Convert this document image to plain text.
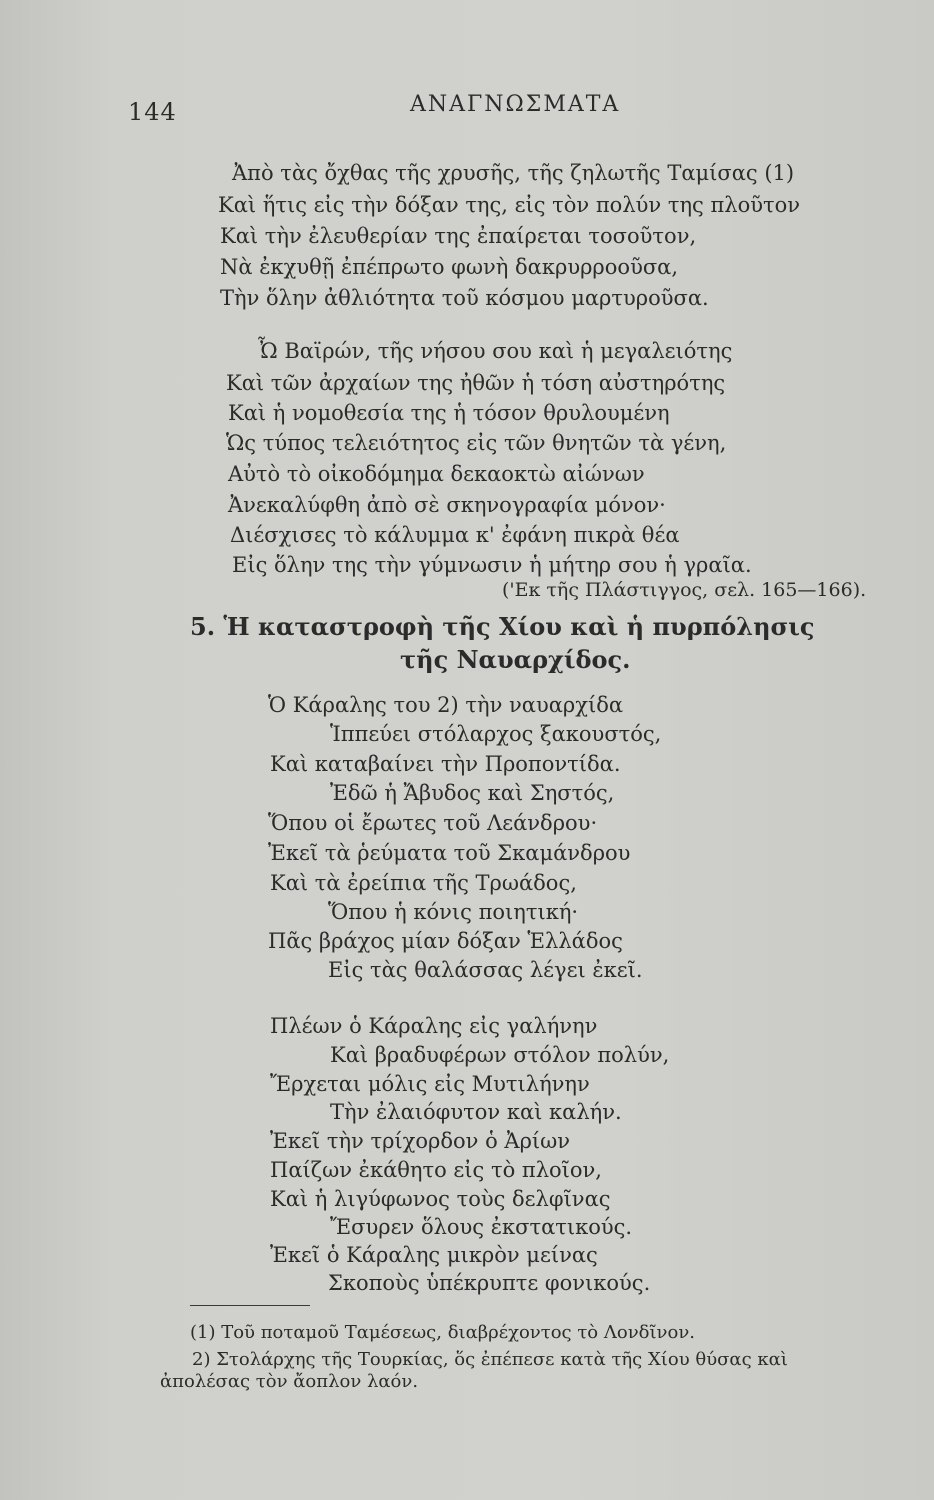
144	ΑΝΑΓΝΩΣΜΑΤΑ
Ἀπὸ τὰς ὄχθας τῆς χρυσῆς, τῆς ζηλωτῆς Ταμίσας (1)
Καὶ ἥτις εἰς τὴν δόξαν της, εἰς τὸν πολύν της πλοῦτον
Καὶ τὴν ἐλευθερίαν της ἐπαίρεται τοσοῦτον,
Νὰ ἐκχυθῇ ἐπέπρωτο φωνὴ δακρυρροοῦσα,
Τὴν ὅλην ἀθλιότητα τοῦ κόσμου μαρτυροῦσα.
Ὦ Βαϊρών, τῆς νήσου σου καὶ ἡ μεγαλειότης
Καὶ τῶν ἀρχαίων της ἠθῶν ἡ τόση αὐστηρότης
Καὶ ἡ νομοθεσία της ἡ τόσον θρυλουμένη
Ὡς τύπος τελειότητος εἰς τῶν θνητῶν τὰ γένη,
Αὐτὸ τὸ οἰκοδόμημα δεκαοκτὼ αἰώνων
Ἀνεκαλύφθη ἀπὸ σὲ σκηνογραφία μόνον·
Διέσχισες τὸ κάλυμμα κ' ἐφάνη πικρὰ θέα
Εἰς ὅλην της τὴν γύμνωσιν ἡ μήτηρ σου ἡ γραῖα.
('Εκ τῆς Πλάστιγγος, σελ. 165—166).
5. Ἡ καταστροφὴ τῆς Χίου καὶ ἡ πυρπόλησις
τῆς Ναυαρχίδος.
Ὁ Κάραλης του 2) τὴν ναυαρχίδα
Ἱππεύει στόλαρχος ξακουστός,
Καὶ καταβαίνει τὴν Προποντίδα.
Ἐδῶ ἡ Ἄβυδος καὶ Σηστός,
Ὅπου οἱ ἔρωτες τοῦ Λεάνδρου·
Ἐκεῖ τὰ ῥεύματα τοῦ Σκαμάνδρου
Καὶ τὰ ἐρείπια τῆς Τρωάδος,
Ὅπου ἡ κόνις ποιητική·
Πᾶς βράχος μίαν δόξαν Ἑλλάδος
Εἰς τὰς θαλάσσας λέγει ἐκεῖ.
Πλέων ὁ Κάραλης εἰς γαλήνην
Καὶ βραδυφέρων στόλον πολύν,
Ἔρχεται μόλις εἰς Μυτιλήνην
Τὴν ἐλαιόφυτον καὶ καλήν.
Ἐκεῖ τὴν τρίχορδον ὁ Ἀρίων
Παίζων ἐκάθητο εἰς τὸ πλοῖον,
Καὶ ἡ λιγύφωνος τοὺς δελφῖνας
Ἔσυρεν ὅλους ἐκστατικούς.
Ἐκεῖ ὁ Κάραλης μικρὸν μείνας
Σκοποὺς ὑπέκρυπτε φονικούς.
(1) Τοῦ ποταμοῦ Ταμέσεως, διαβρέχοντος τὸ Λονδῖνον.
2) Στολάρχης τῆς Τουρκίας, ὅς ἐπέπεσε κατὰ τῆς Χίου θύσας καὶ
ἀπολέσας τὸν ἄοπλον λαόν.
